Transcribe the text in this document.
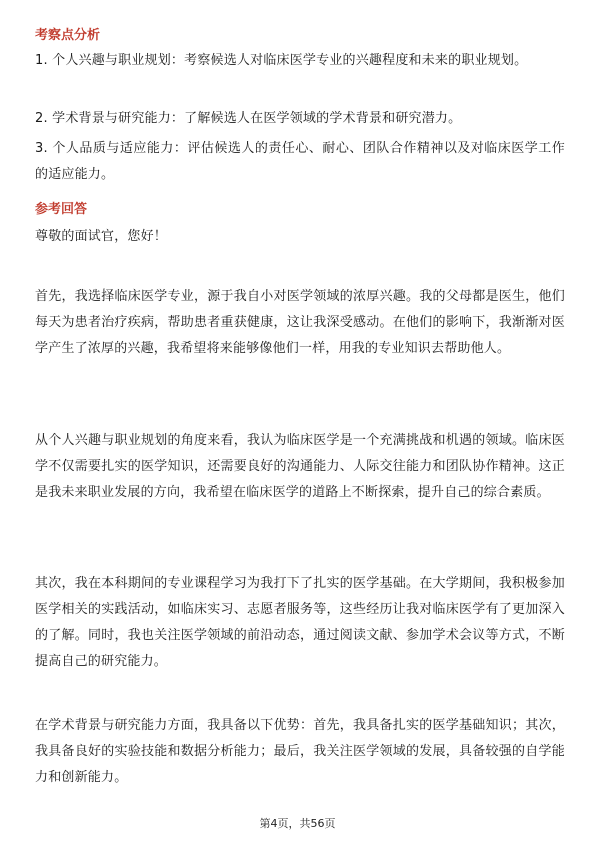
考察点分析
1. 个人兴趣与职业规划：考察候选人对临床医学专业的兴趣程度和未来的职业规划。
2. 学术背景与研究能力：了解候选人在医学领域的学术背景和研究潜力。
3. 个人品质与适应能力：评估候选人的责任心、耐心、团队合作精神以及对临床医学工作的适应能力。
参考回答
尊敬的面试官，您好！
首先，我选择临床医学专业，源于我自小对医学领域的浓厚兴趣。我的父母都是医生，他们每天为患者治疗疾病，帮助患者重获健康，这让我深受感动。在他们的影响下，我渐渐对医学产生了浓厚的兴趣，我希望将来能够像他们一样，用我的专业知识去帮助他人。
从个人兴趣与职业规划的角度来看，我认为临床医学是一个充满挑战和机遇的领域。临床医学不仅需要扎实的医学知识，还需要良好的沟通能力、人际交往能力和团队协作精神。这正是我未来职业发展的方向，我希望在临床医学的道路上不断探索，提升自己的综合素质。
其次，我在本科期间的专业课程学习为我打下了扎实的医学基础。在大学期间，我积极参加医学相关的实践活动，如临床实习、志愿者服务等，这些经历让我对临床医学有了更加深入的了解。同时，我也关注医学领域的前沿动态，通过阅读文献、参加学术会议等方式，不断提高自己的研究能力。
在学术背景与研究能力方面，我具备以下优势：首先，我具备扎实的医学基础知识；其次，我具备良好的实验技能和数据分析能力；最后，我关注医学领域的发展，具备较强的自学能力和创新能力。
第4页，共56页
